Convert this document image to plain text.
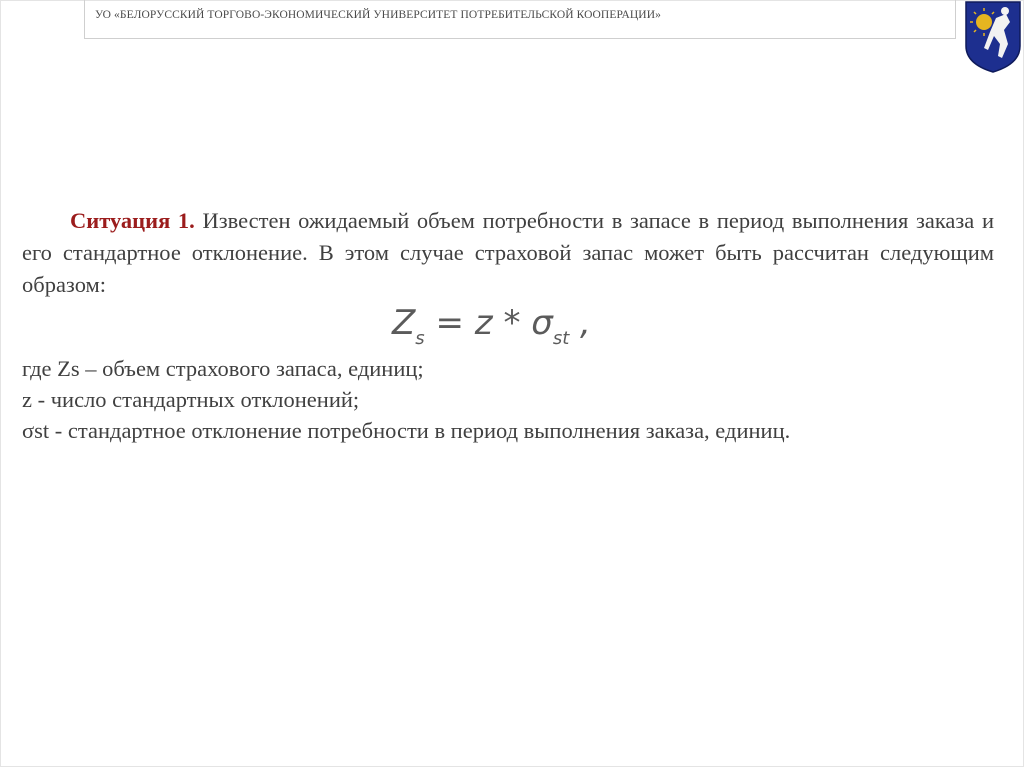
УО «БЕЛОРУССКИЙ ТОРГОВО-ЭКОНОМИЧЕСКИЙ УНИВЕРСИТЕТ ПОТРЕБИТЕЛЬСКОЙ КООПЕРАЦИИ»

Ситуация 1. Известен ожидаемый объем потребности в запасе в период выполнения заказа и его стандартное отклонение. В этом случае страховой запас может быть рассчитан следующим образом:

$Z_s = z * \sigma_{st}$ ,
где Zs – объем страхового запаса, единиц;
z - число стандартных отклонений;
σst - стандартное отклонение потребности в период выполнения заказа, единиц.
